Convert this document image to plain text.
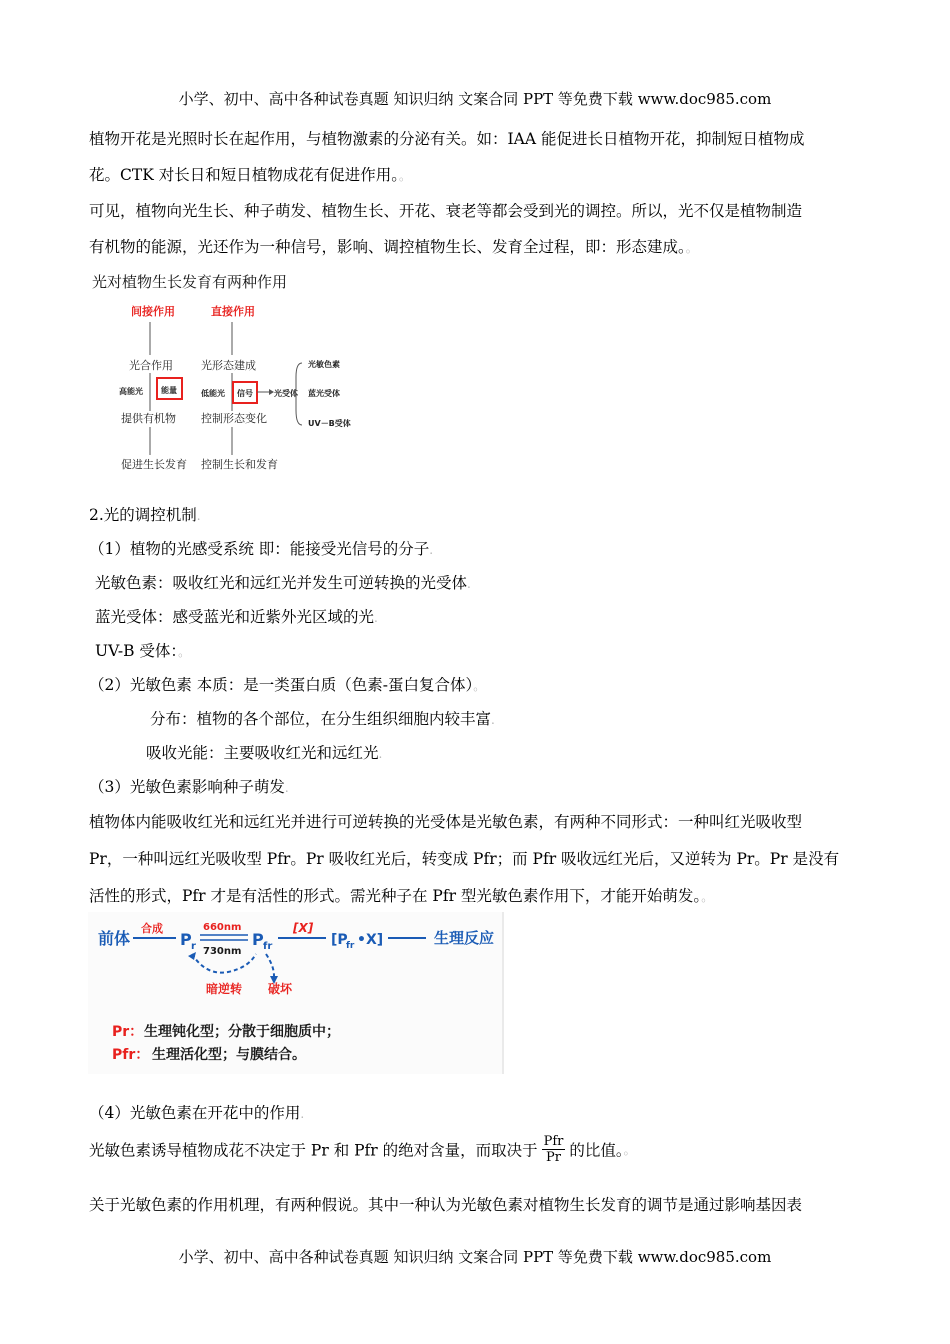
小学、初中、高中各种试卷真题 知识归纳 文案合同 PPT 等免费下载 www.doc985.com
植物开花是光照时长在起作用，与植物激素的分泌有关。如：IAA 能促进长日植物开花，抑制短日植物成
花。CTK 对长日和短日植物成花有促进作用。。
可见，植物向光生长、种子萌发、植物生长、开花、衰老等都会受到光的调控。所以，光不仅是植物制造
有机物的能源，光还作为一种信号，影响、调控植物生长、发育全过程，即：形态建成。。
光对植物生长发育有两种作用
间接作用	直接作用
光合作用
高能光 能量
提供有机物
促进生长发育
光形态建成
低能光 信号	光受体
光敏色素
蓝光受体
UV－B受体
控制形态变化
控制生长和发育
2.光的调控机制.
（1）植物的光感受系统 即：能接受光信号的分子.
光敏色素：吸收红光和远红光并发生可逆转换的光受体.
蓝光受体：感受蓝光和近紫外光区域的光.
UV-B 受体：。
（2）光敏色素 本质：是一类蛋白质（色素-蛋白复合体）。
分布：植物的各个部位，在分生组织细胞内较丰富.
吸收光能：主要吸收红光和远红光.
（3）光敏色素影响种子萌发.
植物体内能吸收红光和远红光并进行可逆转换的光受体是光敏色素，有两种不同形式：一种叫红光吸收型
Pr，一种叫远红光吸收型 Pfr。Pr 吸收红光后，转变成 Pfr；而 Pfr 吸收远红光后，又逆转为 Pr。Pr 是没有
活性的形式，Pfr 才是有活性的形式。需光种子在 Pfr 型光敏色素作用下，才能开始萌发。。
前体
合成
P r
660nm
730nm
P fr
[X]
[P
fr •X]	生理反应
暗逆转 破坏
Pr： 生理钝化型；分散于细胞质中；
Pfr： 生理活化型；与膜结合。
（4）光敏色素在开花中的作用.
光敏色素诱导植物成花不决定于 Pr 和 Pfr 的绝对含量，而取决于 $\frac{\text{Pfr}}{Pr}$ 的比值。。
关于光敏色素的作用机理，有两种假说。其中一种认为光敏色素对植物生长发育的调节是通过影响基因表
小学、初中、高中各种试卷真题 知识归纳 文案合同 PPT 等免费下载 www.doc985.com
